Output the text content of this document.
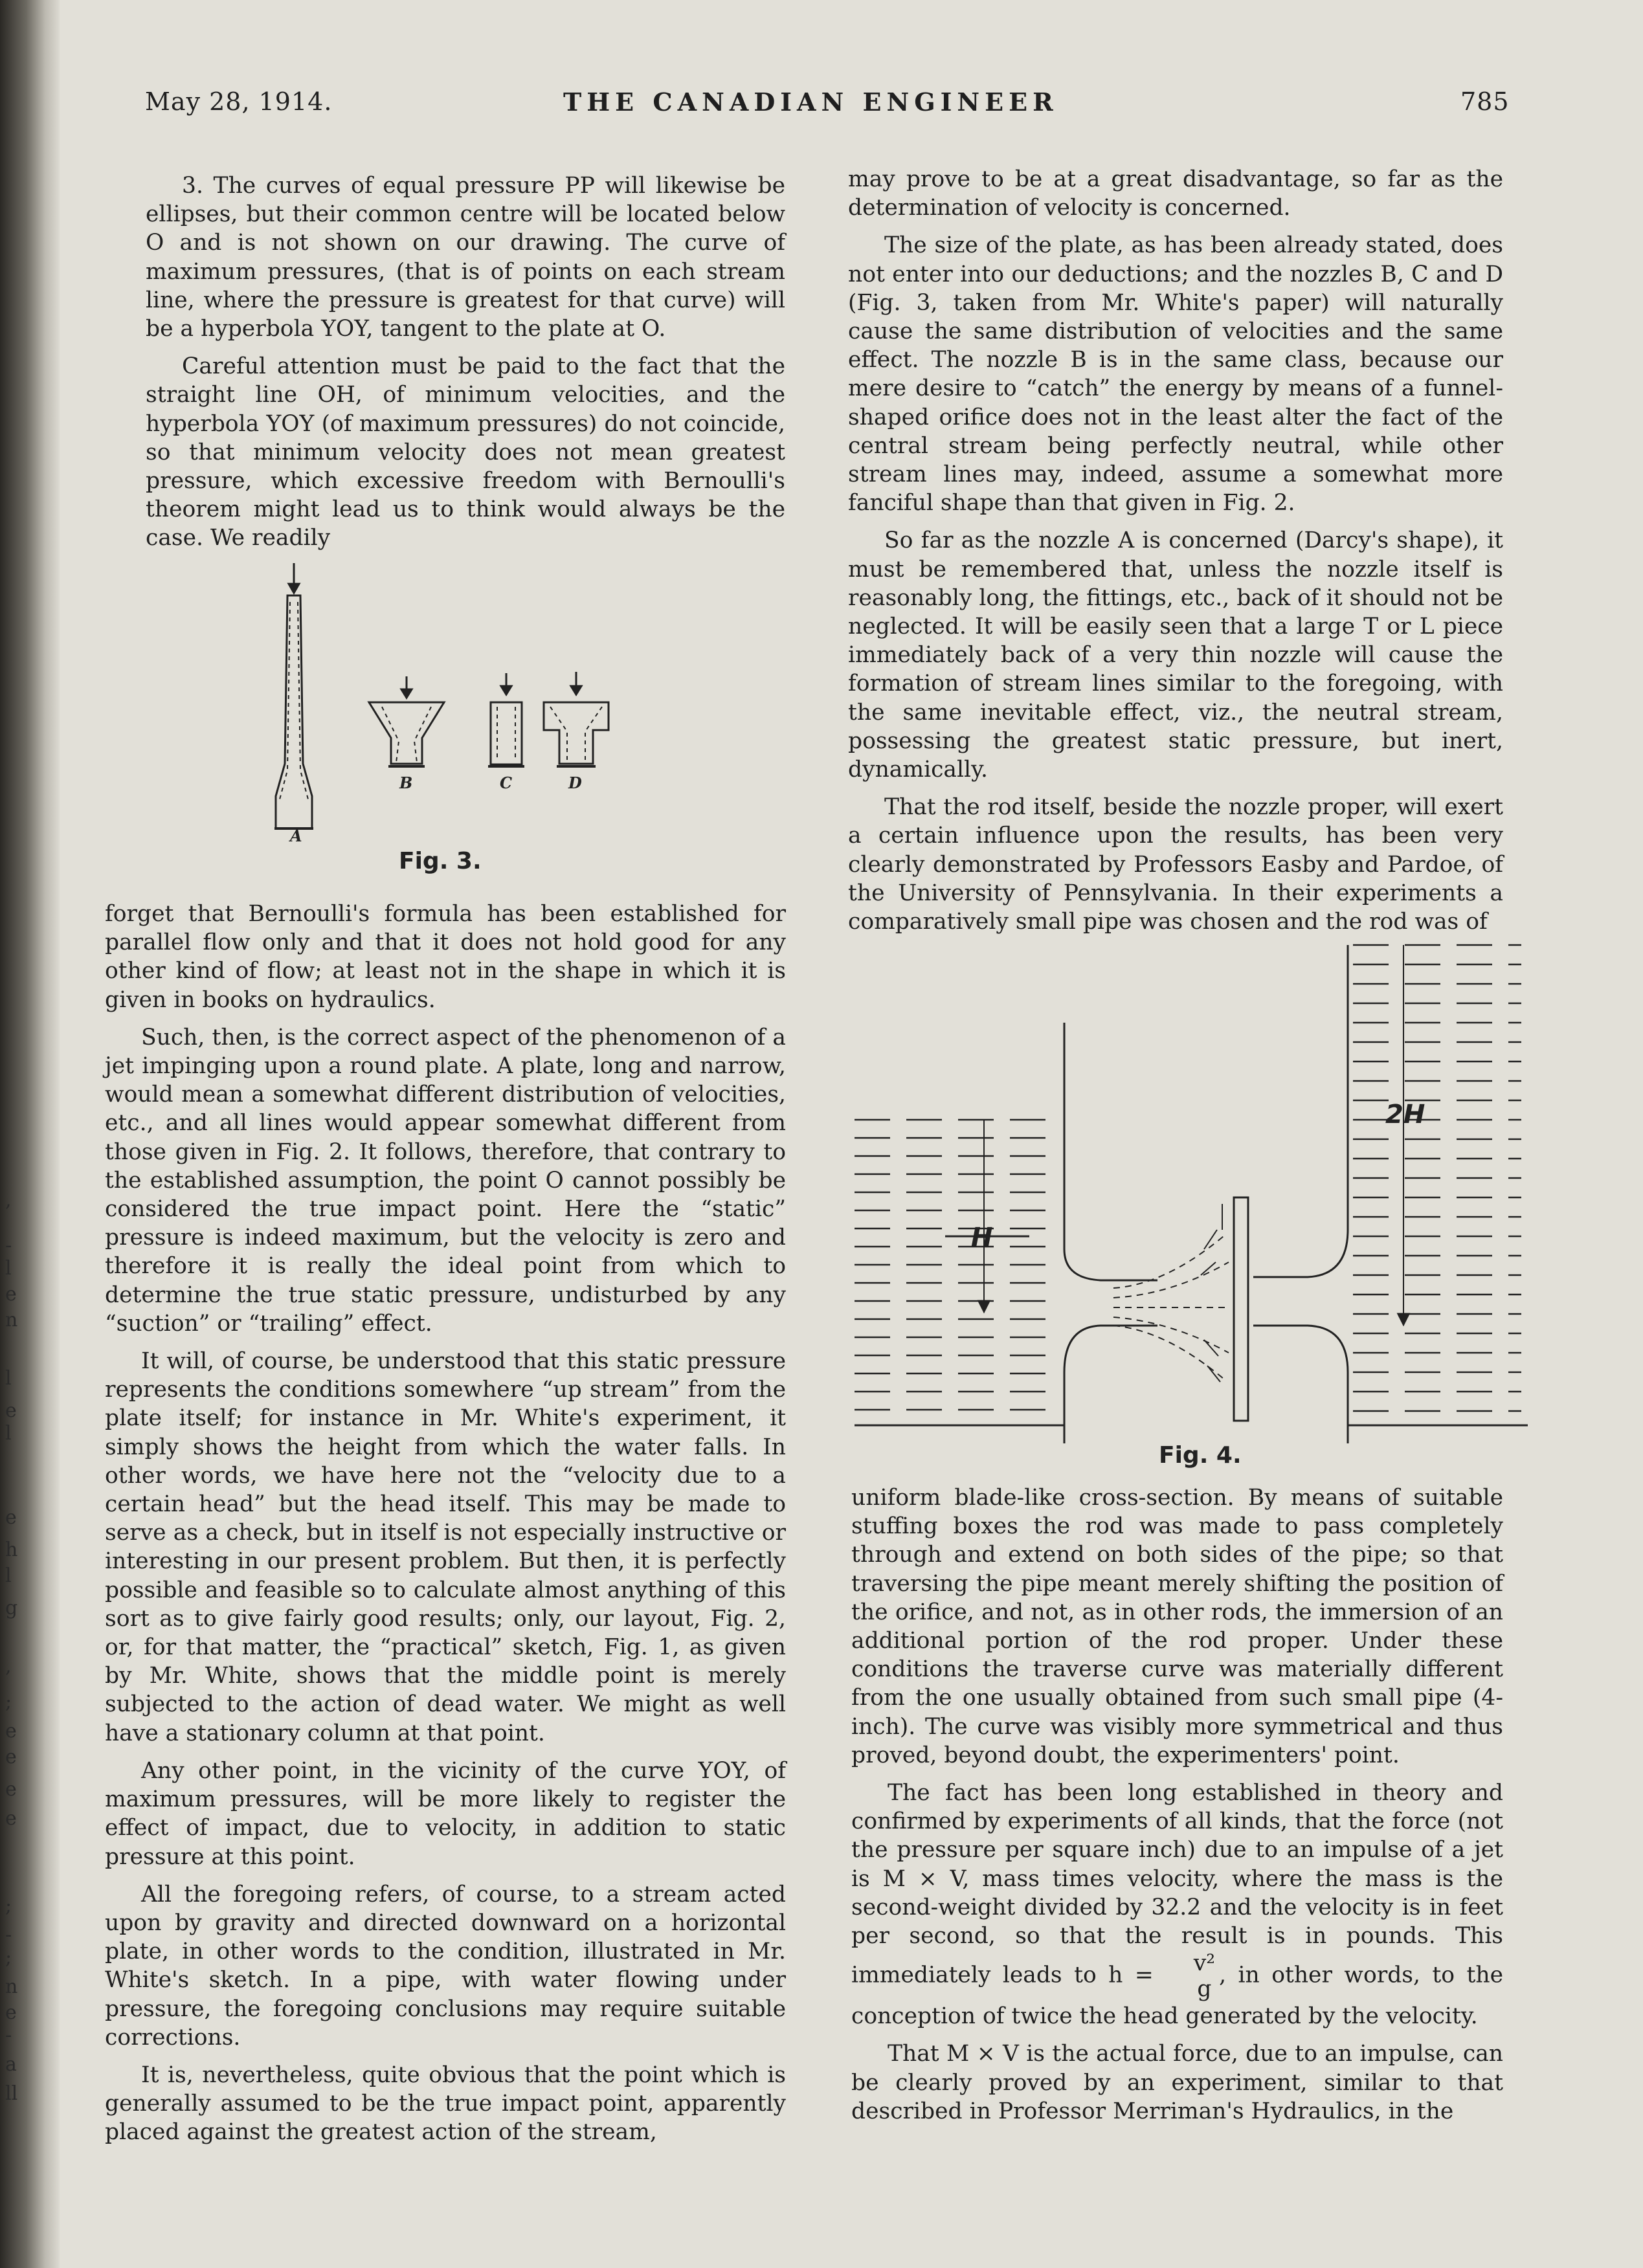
,
-
l
e
n
l
e
l
e
h
l
g
,
;
e
e
e
e
;
-
;
n
e
-
a
ll
May 28, 1914.	THE CANADIAN ENGINEER	785

3. The curves of equal pressure PP will likewise be ellipses, but their common centre will be located below O and is not shown on our drawing. The curve of maximum pressures, (that is of points on each stream line, where the pressure is greatest for that curve) will be a hyperbola YOY, tangent to the plate at O.

Careful attention must be paid to the fact that the straight line OH, of minimum velocities, and the hyperbola YOY (of maximum pressures) do not coincide, so that minimum velocity does not mean greatest pressure, which excessive freedom with Bernoulli's theorem might lead us to think would always be the case. We readily

A
B	C	D
Fig. 3.

forget that Bernoulli's formula has been established for parallel flow only and that it does not hold good for any other kind of flow; at least not in the shape in which it is given in books on hydraulics.

Such, then, is the correct aspect of the phenomenon of a jet impinging upon a round plate. A plate, long and narrow, would mean a somewhat different distribution of velocities, etc., and all lines would appear somewhat different from those given in Fig. 2. It follows, therefore, that contrary to the established assumption, the point O cannot possibly be considered the true impact point. Here the “static” pressure is indeed maximum, but the velocity is zero and therefore it is really the ideal point from which to determine the true static pressure, undisturbed by any “suction” or “trailing” effect.

It will, of course, be understood that this static pressure represents the conditions somewhere “up stream” from the plate itself; for instance in Mr. White's experiment, it simply shows the height from which the water falls. In other words, we have here not the “velocity due to a certain head” but the head itself. This may be made to serve as a check, but in itself is not especially instructive or interesting in our present problem. But then, it is perfectly possible and feasible so to calculate almost anything of this sort as to give fairly good results; only, our layout, Fig. 2, or, for that matter, the “practical” sketch, Fig. 1, as given by Mr. White, shows that the middle point is merely subjected to the action of dead water. We might as well have a stationary column at that point.

Any other point, in the vicinity of the curve YOY, of maximum pressures, will be more likely to register the effect of impact, due to velocity, in addition to static pressure at this point.

All the foregoing refers, of course, to a stream acted upon by gravity and directed downward on a horizontal plate, in other words to the condition, illustrated in Mr. White's sketch. In a pipe, with water flowing under pressure, the foregoing conclusions may require suitable corrections.

It is, nevertheless, quite obvious that the point which is generally assumed to be the true impact point, apparently placed against the greatest action of the stream,

may prove to be at a great disadvantage, so far as the determination of velocity is concerned.

The size of the plate, as has been already stated, does not enter into our deductions; and the nozzles B, C and D (Fig. 3, taken from Mr. White's paper) will naturally cause the same distribution of velocities and the same effect. The nozzle B is in the same class, because our mere desire to “catch” the energy by means of a funnel-shaped orifice does not in the least alter the fact of the central stream being perfectly neutral, while other stream lines may, indeed, assume a somewhat more fanciful shape than that given in Fig. 2.

So far as the nozzle A is concerned (Darcy's shape), it must be remembered that, unless the nozzle itself is reasonably long, the fittings, etc., back of it should not be neglected. It will be easily seen that a large T or L piece immediately back of a very thin nozzle will cause the formation of stream lines similar to the foregoing, with the same inevitable effect, viz., the neutral stream, possessing the greatest static pressure, but inert, dynamically.

That the rod itself, beside the nozzle proper, will exert a certain influence upon the results, has been very clearly demonstrated by Professors Easby and Pardoe, of the University of Pennsylvania. In their experiments a comparatively small pipe was chosen and the rod was of

H
2H
Fig. 4.

uniform blade-like cross-section. By means of suitable stuffing boxes the rod was made to pass completely through and extend on both sides of the pipe; so that traversing the pipe meant merely shifting the position of the orifice, and not, as in other rods, the immersion of an additional portion of the rod proper. Under these conditions the traverse curve was materially different from the one usually obtained from such small pipe (4-inch). The curve was visibly more symmetrical and thus proved, beyond doubt, the experimenters' point.

The fact has been long established in theory and confirmed by experiments of all kinds, that the force (not the pressure per square inch) due to an impulse of a jet is M × V, mass times velocity, where the mass is the second-weight divided by 32.2 and the velocity is in feet per second, so that the result is in pounds. This immediately leads to h =	v²
g
, in other words, to the conception of twice the head generated by the velocity.

That M × V is the actual force, due to an impulse, can be clearly proved by an experiment, similar to that described in Professor Merriman's Hydraulics, in the
